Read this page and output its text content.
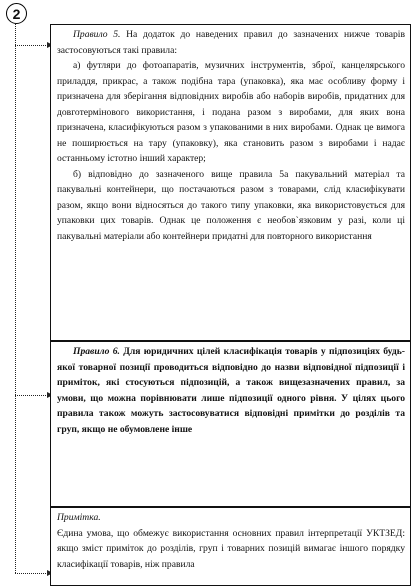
2

Правило 5. На додаток до наведених правил до зазначених нижче товарів застосовуються такі правила:

а) футляри до фотоапаратів, музичних інструментів, зброї, канцелярського приладдя, прикрас, а також подібна тара (упаковка), яка має особливу форму і призначена для зберігання відповідних виробів або наборів виробів, придатних для довготермінового використання, і подана разом з виробами, для яких вона призначена, класифікуються разом з упакованими в них виробами. Однак це вимога не поширюється на тару (упаковку), яка становить разом з виробами і надає останньому істотно інший характер;

б) відповідно до зазначеного вище правила 5а пакувальний матеріал та пакувальні контейнери, що постачаються разом з товарами, слід класифікувати разом, якщо вони відносяться до такого типу упаковки, яка використовується для упаковки цих товарів. Однак це положення є необов`язковим у разі, коли ці пакувальні матеріали або контейнери придатні для повторного використання

Правило 6. Для юридичних цілей класифікація товарів у підпозиціях будь-якої товарної позиції проводиться відповідно до назви відповідної підпозиції і приміток, які стосуються підпозицій, а також вищезазначених правил, за умови, що можна порівнювати лише підпозиції одного рівня. У цілях цього правила також можуть застосовуватися відповідні примітки до розділів та груп, якщо не обумовлене інше

Примітка.

Єдина умова, що обмежує використання основних правил інтерпретації УКТЗЕД: якщо зміст приміток до розділів, груп і товарних позицій вимагає іншого порядку класифікації товарів, ніж правила
